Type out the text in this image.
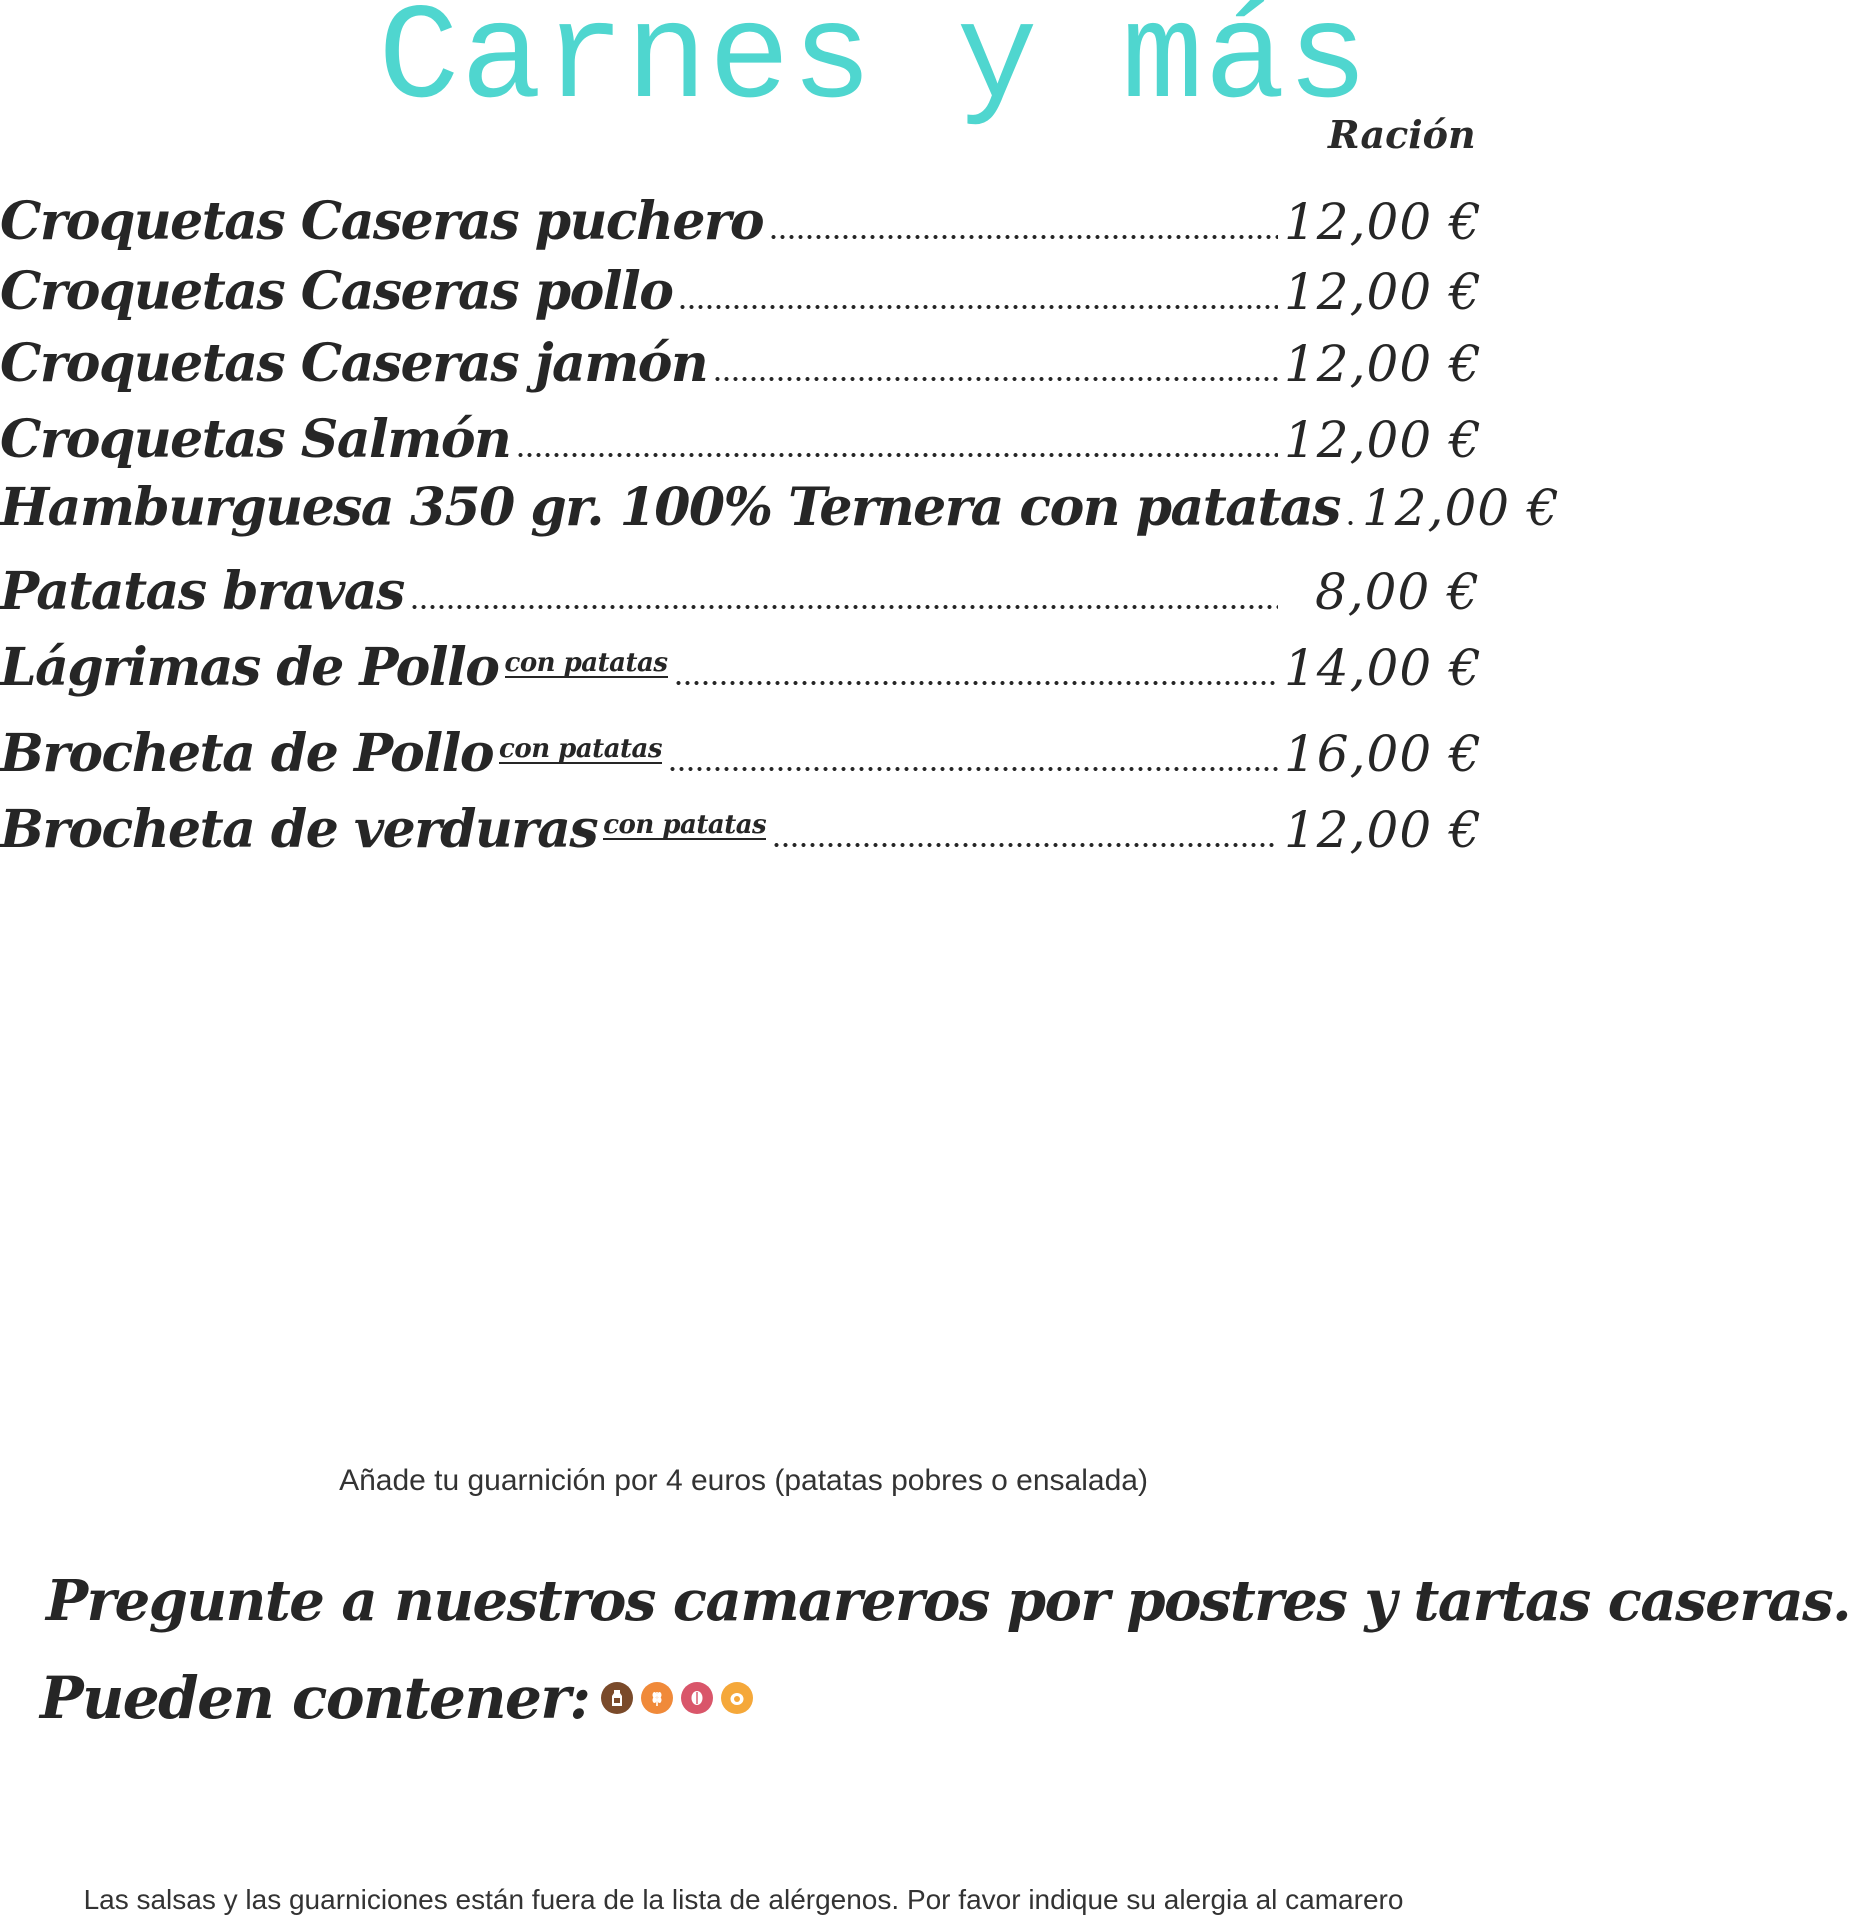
Carnes y más
Ración
Croquetas Caseras puchero	12,00 €
Croquetas Caseras pollo	12,00 €
Croquetas Caseras jamón	12,00 €
Croquetas Salmón	12,00 €
Hamburguesa 350 gr. 100% Ternera con patatas 12,00 €
Patatas bravas	8,00 €
Lágrimas de Pollo con patatas	14,00 €
Brocheta de Pollo con patatas	16,00 €
Brocheta de verduras con patatas	12,00 €
Añade tu guarnición por 4 euros (patatas pobres o ensalada)
Pregunte a nuestros camareros por postres y tartas caseras.
Pueden contener:
Las salsas y las guarniciones están fuera de la lista de alérgenos. Por favor indique su alergia al camarero
